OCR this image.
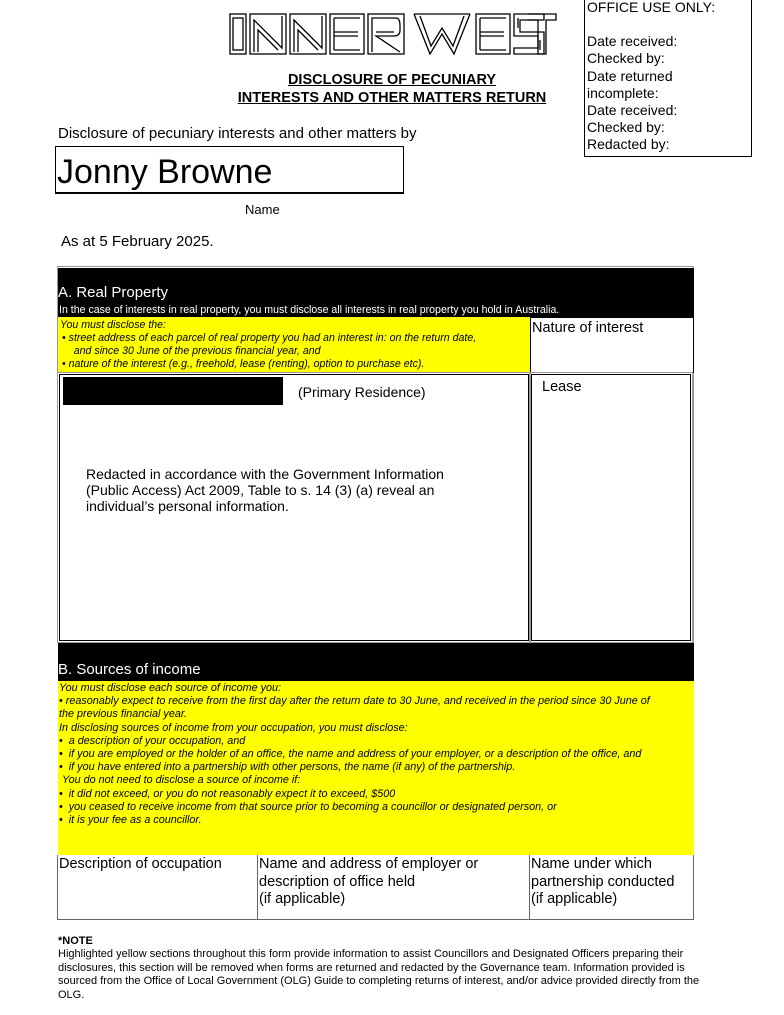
OFFICE USE ONLY:
Date received:
Checked by:
Date returned
incomplete:
Date received:
Checked by:
Redacted by:
DISCLOSURE OF PECUNIARY
INTERESTS AND OTHER MATTERS RETURN
Disclosure of pecuniary interests and other matters by
Jonny Browne
Name
As at 5 February 2025.
A. Real Property
In the case of interests in real property, you must disclose all interests in real property you hold in Australia.
You must disclose the:
• street address of each parcel of real property you had an interest in: on the return date,
and since 30 June of the previous financial year, and
• nature of the interest (e.g., freehold, lease (renting), option to purchase etc).
Nature of interest
(Primary Residence)	Lease
Redacted in accordance with the Government Information (Public Access) Act 2009, Table to s. 14 (3) (a) reveal an individual’s personal information.
B. Sources of income

You must disclose each source of income you:

• reasonably expect to receive from the first day after the return date to 30 June, and received in the period since 30 June of

the previous financial year.

In disclosing sources of income from your occupation, you must disclose:

•  a description of your occupation, and

•  if you are employed or the holder of an office, the name and address of your employer, or a description of the office, and

•  if you have entered into a partnership with other persons, the name (if any) of the partnership.

You do not need to disclose a source of income if:

•  it did not exceed, or you do not reasonably expect it to exceed, $500

•  you ceased to receive income from that source prior to becoming a councillor or designated person, or

•  it is your fee as a councillor.

Description of occupation	Name and address of employer or
description of office held
(if applicable)
Name under which
partnership conducted
(if applicable)
*NOTE
Highlighted yellow sections throughout this form provide information to assist Councillors and Designated Officers preparing their disclosures, this section will be removed when forms are returned and redacted by the Governance team. Information provided is sourced from the Office of Local Government (OLG) Guide to completing returns of interest, and/or advice provided directly from the OLG.
